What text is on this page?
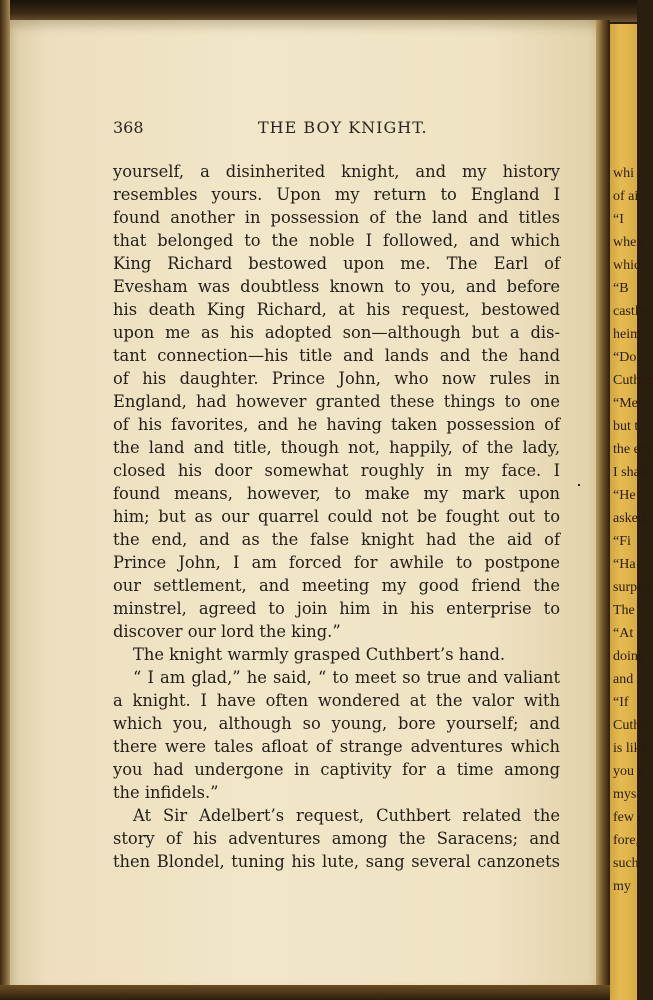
whi
of ai
“I
when
whicl
“B
castle
heim.”
“Do
Cuthbe
“Me
but t
the em
I shall
“He
asked.
“Fi
“Ha
surpris
The
“At
doing
and a
“If
Cuthb
is like
you n
myse
few c
fore,
such
my
368	THE BOY KNIGHT.
yourself, a disinherited knight, and my history
resembles yours. Upon my return to England I
found another in possession of the land and titles
that belonged to the noble I followed, and which
King Richard bestowed upon me. The Earl of
Evesham was doubtless known to you, and before
his death King Richard, at his request, bestowed
upon me as his adopted son—although but a dis-
tant connection—his title and lands and the hand
of his daughter. Prince John, who now rules in
England, had however granted these things to one
of his favorites, and he having taken possession of
the land and title, though not, happily, of the lady,
closed his door somewhat roughly in my face. I
found means, however, to make my mark upon
him; but as our quarrel could not be fought out to
the end, and as the false knight had the aid of
Prince John, I am forced for awhile to postpone
our settlement, and meeting my good friend the
minstrel, agreed to join him in his enterprise to
discover our lord the king.”
The knight warmly grasped Cuthbert’s hand.
“ I am glad,” he said, “ to meet so true and valiant
a knight. I have often wondered at the valor with
which you, although so young, bore yourself; and
there were tales afloat of strange adventures which
you had undergone in captivity for a time among
the infidels.”
At Sir Adelbert’s request, Cuthbert related the
story of his adventures among the Saracens; and
then Blondel, tuning his lute, sang several canzonets
